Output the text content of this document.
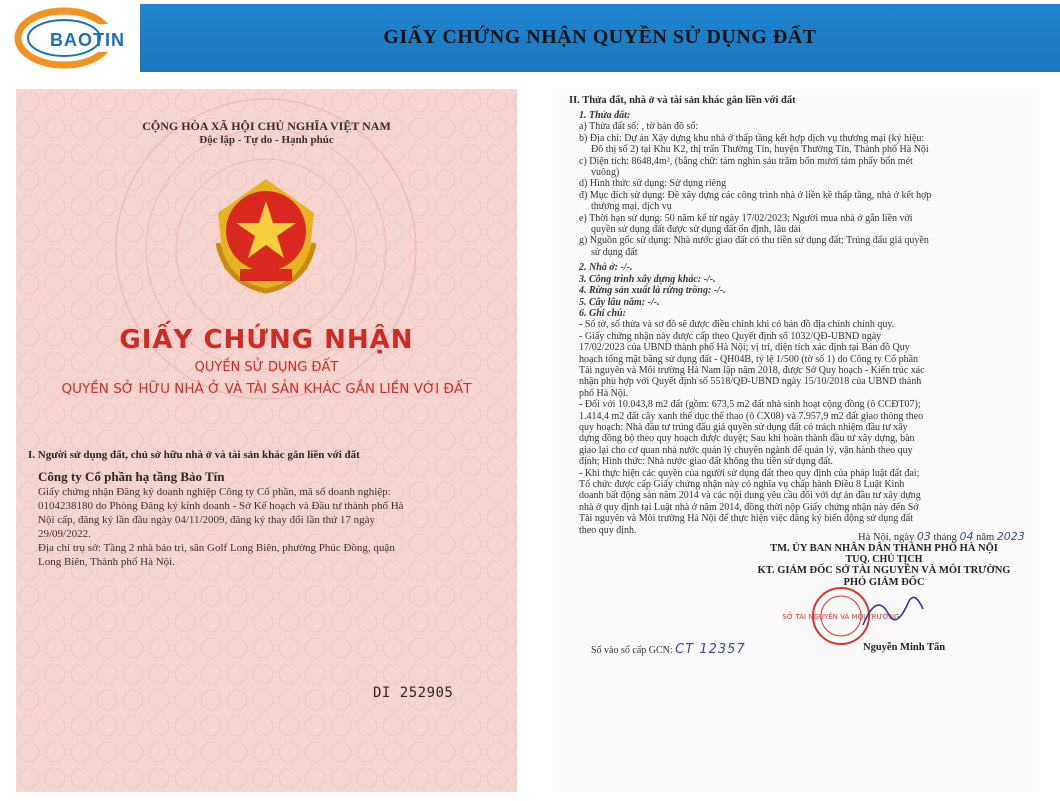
BAOTIN	GIẤY CHỨNG NHẬN QUYỀN SỬ DỤNG ĐẤT
CỘNG HÒA XÃ HỘI CHỦ NGHĨA VIỆT NAM
Độc lập - Tự do - Hạnh phúc
GIẤY CHỨNG NHẬN
QUYỀN SỬ DỤNG ĐẤT
QUYỀN SỞ HỮU NHÀ Ở VÀ TÀI SẢN KHÁC GẮN LIỀN VỚI ĐẤT
I. Người sử dụng đất, chủ sở hữu nhà ở và tài sản khác gắn liền với đất
Công ty Cổ phần hạ tầng Bảo Tín

Giấy chứng nhận Đăng ký doanh nghiệp Công ty Cổ phần, mã số doanh nghiệp:

0104238180 do Phòng Đăng ký kinh doanh - Sở Kế hoạch và Đầu tư thành phố Hà

Nội cấp, đăng ký lần đầu ngày 04/11/2009, đăng ký thay đổi lần thứ 17 ngày

29/09/2022.

Địa chỉ trụ sở: Tầng 2 nhà bảo trì, sân Golf Long Biên, phường Phúc Đồng, quận

Long Biên, Thành phố Hà Nội.

DI 252905
II. Thửa đất, nhà ở và tài sản khác gắn liền với đất
1. Thửa đất:
a) Thửa đất số: , tờ bản đồ số:
b) Địa chỉ: Dự án Xây dựng khu nhà ở thấp tầng kết hợp dịch vụ thương mại (ký hiệu:
Đô thị số 2) tại Khu K2, thị trấn Thường Tín, huyện Thường Tín, Thành phố Hà Nội
c) Diện tích: 8648,4m², (bằng chữ: tám nghìn sáu trăm bốn mươi tám phẩy bốn mét
vuông)
d) Hình thức sử dụng: Sử dụng riêng
đ) Mục đích sử dụng: Đề xây dựng các công trình nhà ở liền kề thấp tầng, nhà ở kết hợp
thương mại, dịch vụ
e) Thời hạn sử dụng: 50 năm kể từ ngày 17/02/2023; Người mua nhà ở gắn liền với
quyền sử dụng đất được sử dụng đất ổn định, lâu dài
g) Nguồn gốc sử dụng: Nhà nước giao đất có thu tiền sử dụng đất; Trúng đấu giá quyền
sử dụng đất
2. Nhà ở: -/-.
3. Công trình xây dựng khác: -/-.
4. Rừng sản xuất là rừng trồng: -/-.
5. Cây lâu năm: -/-.
6. Ghi chú:
- Số tờ, số thửa và sơ đồ sẽ được điều chỉnh khi có bản đồ địa chính chính quy.
- Giấy chứng nhận này được cấp theo Quyết định số 1032/QĐ-UBND ngày
17/02/2023 của UBND thành phố Hà Nội; vị trí, diện tích xác định tại Bản đồ Quy
hoạch tổng mặt bằng sử dụng đất - QH04B, tỷ lệ 1/500 (tờ số 1) do Công ty Cổ phần
Tài nguyên và Môi trường Hà Nam lập năm 2018, được Sở Quy hoạch - Kiến trúc xác
nhận phù hợp với Quyết định số 5518/QĐ-UBND ngày 15/10/2018 của UBND thành
phố Hà Nội.
- Đối với 10.043,8 m2 đất (gồm: 673,5 m2 đất nhà sinh hoạt cộng đồng (ô CCĐT07);
1.414,4 m2 đất cây xanh thể dục thể thao (ô CX08) và 7.957,9 m2 đất giao thông theo
quy hoạch: Nhà đầu tư trúng đấu giá quyền sử dụng đất có trách nhiệm đầu tư xây
dựng đồng bộ theo quy hoạch được duyệt; Sau khi hoàn thành đầu tư xây dựng, bàn
giao lại cho cơ quan nhà nước quản lý chuyên ngành để quản lý, vận hành theo quy
định; Hình thức: Nhà nước giao đất không thu tiền sử dụng đất.
- Khi thực hiện các quyền của người sử dụng đất theo quy định của pháp luật đất đai;
Tổ chức được cấp Giấy chứng nhận này có nghĩa vụ chấp hành Điều 8 Luật Kinh
doanh bất động sản năm 2014 và các nội dung yêu cầu đối với dự án đầu tư xây dựng
nhà ở quy định tại Luật nhà ở năm 2014, đồng thời nộp Giấy chứng nhận này đến Sở
Tài nguyên và Môi trường Hà Nội để thực hiện việc đăng ký biến động sử dụng đất
theo quy định.
Hà Nội, ngày 03 tháng 04 năm 2023
TM. ỦY BAN NHÂN DÂN THÀNH PHỐ HÀ NỘI
TUQ. CHỦ TỊCH
KT. GIÁM ĐỐC SỞ TÀI NGUYÊN VÀ MÔI TRƯỜNG
PHÓ GIÁM ĐỐC
SỞ TÀI NGUYÊN VÀ MÔI TRƯỜNG
Số vào sổ cấp GCN: CT 12357	Nguyễn Minh Tấn
